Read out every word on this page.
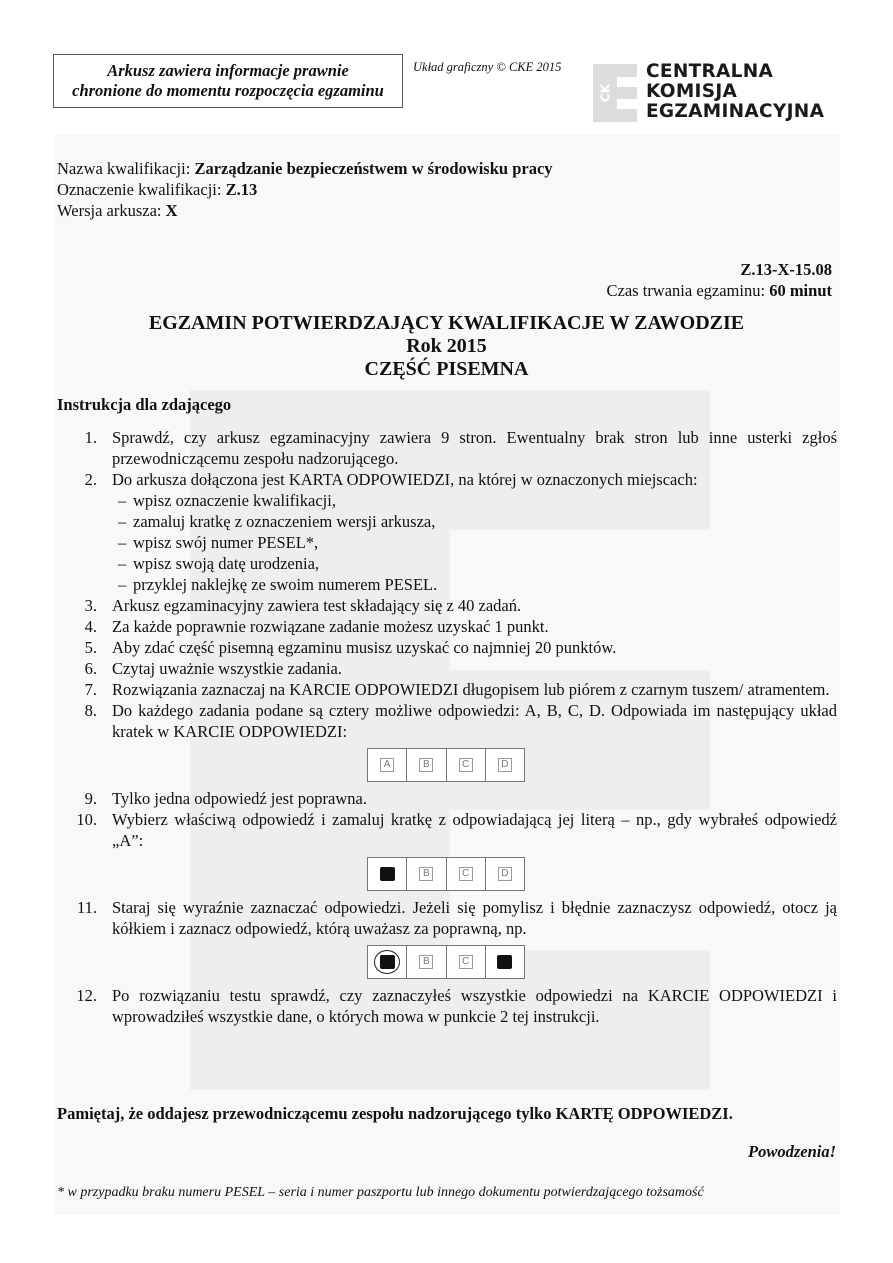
Arkusz zawiera informacje prawnie
chronione do momentu rozpoczęcia egzaminu
Układ graficzny © CKE 2015
CK
CENTRALNA
KOMISJA
EGZAMINACYJNA
Nazwa kwalifikacji: Zarządzanie bezpieczeństwem w środowisku pracy
Oznaczenie kwalifikacji: Z.13
Wersja arkusza: X
Z.13-X-15.08
Czas trwania egzaminu: 60 minut
EGZAMIN POTWIERDZAJĄCY KWALIFIKACJE W ZAWODZIE
Rok 2015
CZĘŚĆ PISEMNA
Instrukcja dla zdającego
1. Sprawdź, czy arkusz egzaminacyjny zawiera 9 stron. Ewentualny brak stron lub inne usterki zgłoś przewodniczącemu zespołu nadzorującego.
2. Do arkusza dołączona jest KARTA ODPOWIEDZI, na której w oznaczonych miejscach:
– wpisz oznaczenie kwalifikacji,
– zamaluj kratkę z oznaczeniem wersji arkusza,
– wpisz swój numer PESEL*,
– wpisz swoją datę urodzenia,
– przyklej naklejkę ze swoim numerem PESEL.
3. Arkusz egzaminacyjny zawiera test składający się z 40 zadań.
4. Za każde poprawnie rozwiązane zadanie możesz uzyskać 1 punkt.
5. Aby zdać część pisemną egzaminu musisz uzyskać co najmniej 20 punktów.
6. Czytaj uważnie wszystkie zadania.
7. Rozwiązania zaznaczaj na KARCIE ODPOWIEDZI długopisem lub piórem z czarnym tuszem/ atramentem.
8. Do każdego zadania podane są cztery możliwe odpowiedzi: A, B, C, D. Odpowiada im następujący układ kratek w KARCIE ODPOWIEDZI:
A	B	C	D
9. Tylko jedna odpowiedź jest poprawna.
10. Wybierz właściwą odpowiedź i zamaluj kratkę z odpowiadającą jej literą – np., gdy wybrałeś odpowiedź „A”:
B	C	D
11. Staraj się wyraźnie zaznaczać odpowiedzi. Jeżeli się pomylisz i błędnie zaznaczysz odpowiedź, otocz ją kółkiem i zaznacz odpowiedź, którą uważasz za poprawną, np.
B	C
12. Po rozwiązaniu testu sprawdź, czy zaznaczyłeś wszystkie odpowiedzi na KARCIE ODPOWIEDZI i wprowadziłeś wszystkie dane, o których mowa w punkcie 2 tej instrukcji.
Pamiętaj, że oddajesz przewodniczącemu zespołu nadzorującego tylko KARTĘ ODPOWIEDZI.
Powodzenia!
* w przypadku braku numeru PESEL – seria i numer paszportu lub innego dokumentu potwierdzającego tożsamość
